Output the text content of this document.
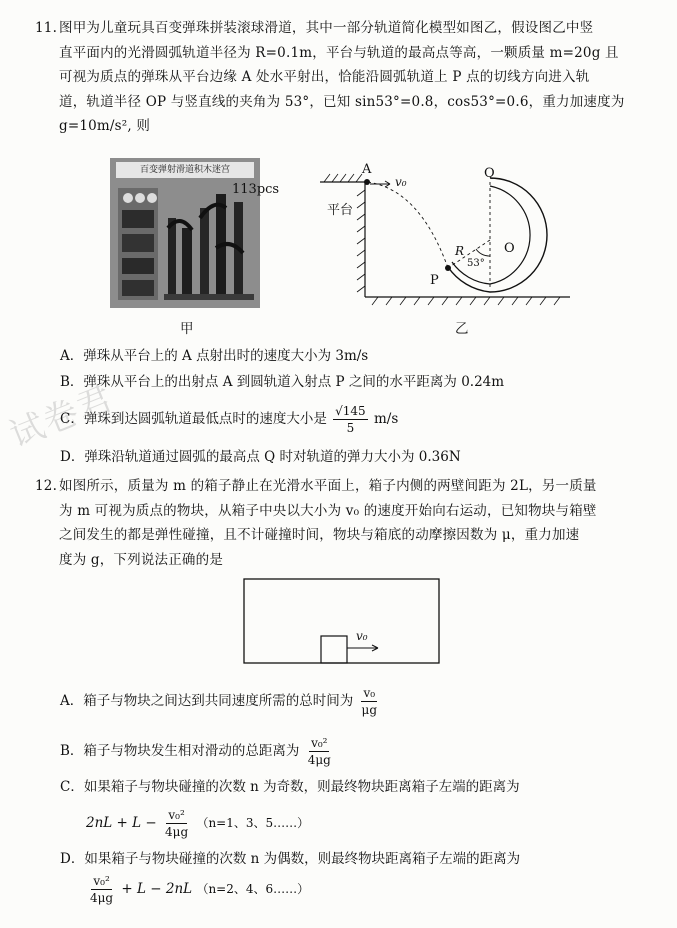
11. 图甲为儿童玩具百变弹珠拼装滚球滑道，其中一部分轨道简化模型如图乙，假设图乙中竖
直平面内的光滑圆弧轨道半径为 R=0.1m，平台与轨道的最高点等高，一颗质量 m=20g 且
可视为质点的弹珠从平台边缘 A 处水平射出，恰能沿圆弧轨道上 P 点的切线方向进入轨
道，轨道半径 OP 与竖直线的夹角为 53°，已知 sin53°=0.8，cos53°=0.6，重力加速度为
g=10m/s², 则
百变弹射滑道积木迷宫
113pcs
甲
A
v₀
平台
Q
R	O
53°
P
乙
A．弹珠从平台上的 A 点射出时的速度大小为 3m/s
B．弹珠从平台上的出射点 A 到圆轨道入射点 P 之间的水平距离为 0.24m
C．弹珠到达圆弧轨道最低点时的速度大小是 $\frac{√145}{5} m/s$
D．弹珠沿轨道通过圆弧的最高点 Q 时对轨道的弹力大小为 0.36N
12. 如图所示，质量为 m 的箱子静止在光滑水平面上，箱子内侧的两壁间距为 2L，另一质量
为 m 可视为质点的物块，从箱子中央以大小为 v₀ 的速度开始向右运动，已知物块与箱壁
之间发生的都是弹性碰撞，且不计碰撞时间，物块与箱底的动摩擦因数为 μ，重力加速
度为 g，下列说法正确的是
v₀
A．箱子与物块之间达到共同速度所需的总时间为 $\frac{\text{v₀}}{\mu g}$
B．箱子与物块发生相对滑动的总距离为 $\frac{\text{v₀²}}{4\mu g}$
C．如果箱子与物块碰撞的次数 n 为奇数，则最终物块距离箱子左端的距离为
$2nL + L - \frac{\text{v₀²}}{4\mu g} (n=1$、3、5……）
D．如果箱子与物块碰撞的次数 n 为偶数，则最终物块距离箱子左端的距离为
$\frac{\text{v₀²}}{4\mu g} + L - 2nL$ （n=2、4、6……）
试卷君
